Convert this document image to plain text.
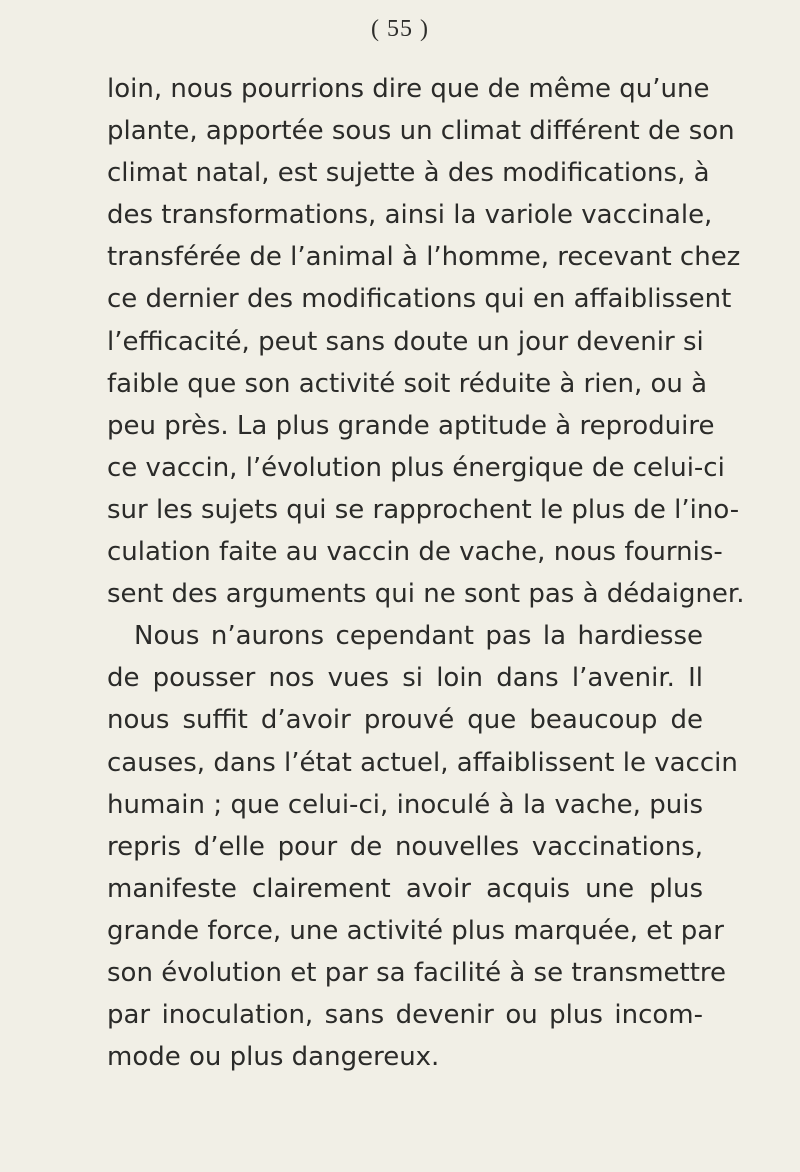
( 55 )
loin, nous pourrions dire que de même qu’une
plante, apportée sous un climat différent de son
climat natal, est sujette à des modifications, à
des transformations, ainsi la variole vaccinale,
transférée de l’animal à l’homme, recevant chez
ce dernier des modifications qui en affaiblissent
l’efficacité, peut sans doute un jour devenir si
faible que son activité soit réduite à rien, ou à
peu près. La plus grande aptitude à reproduire
ce vaccin, l’évolution plus énergique de celui-ci
sur les sujets qui se rapprochent le plus de l’ino-
culation faite au vaccin de vache, nous fournis-
sent des arguments qui ne sont pas à dédaigner.
Nous n’aurons cependant pas la hardiesse
de pousser nos vues si loin dans l’avenir. Il
nous suffit d’avoir prouvé que beaucoup de
causes, dans l’état actuel, affaiblissent le vaccin
humain ; que celui-ci, inoculé à la vache, puis
repris d’elle pour de nouvelles vaccinations,
manifeste clairement avoir acquis une plus
grande force, une activité plus marquée, et par
son évolution et par sa facilité à se transmettre
par inoculation, sans devenir ou plus incom-
mode ou plus dangereux.
